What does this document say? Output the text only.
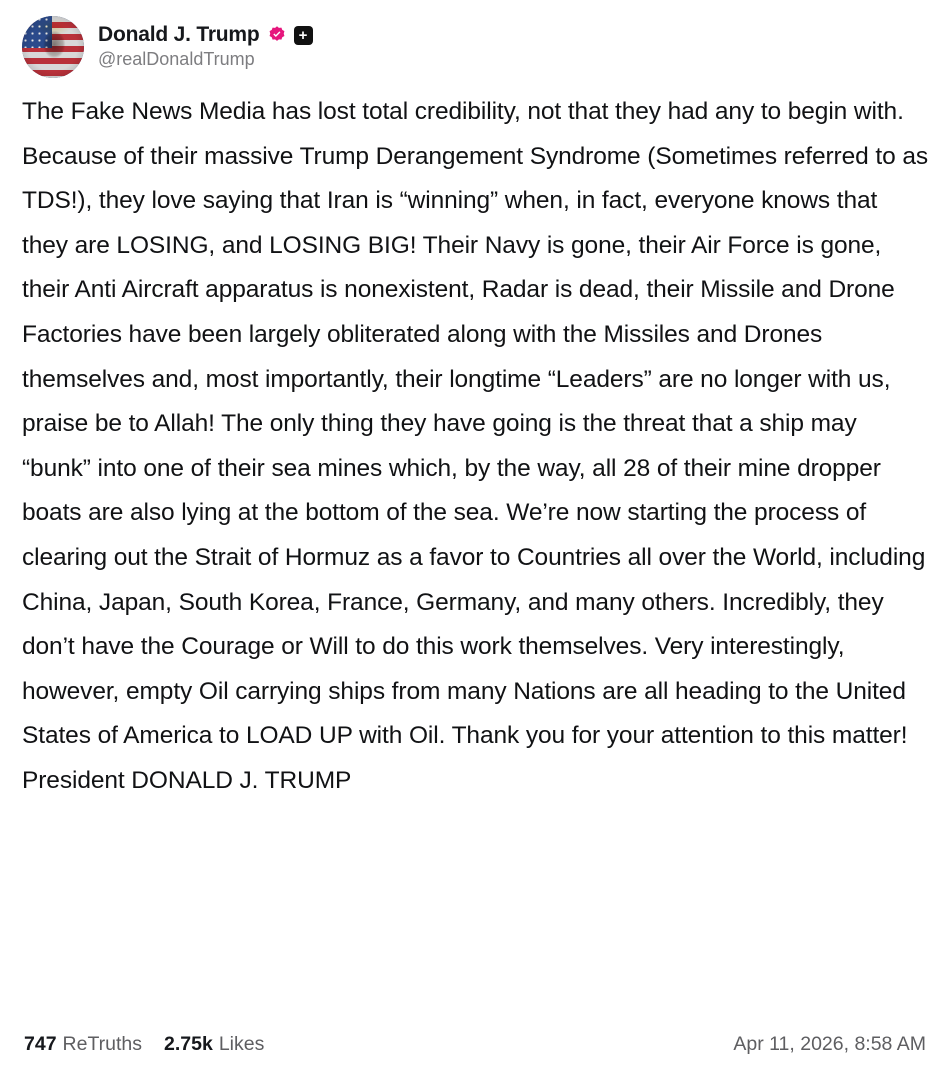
Donald J. Trump	+
@realDonaldTrump
The Fake News Media has lost total credibility, not that they had any to begin with. Because of their massive Trump Derangement Syndrome (Sometimes referred to as TDS!), they love saying that Iran is “winning” when, in fact, everyone knows that they are LOSING, and LOSING BIG! Their Navy is gone, their Air Force is gone, their Anti Aircraft apparatus is nonexistent, Radar is dead, their Missile and Drone Factories have been largely obliterated along with the Missiles and Drones themselves and, most importantly, their longtime “Leaders” are no longer with us, praise be to Allah! The only thing they have going is the threat that a ship may “bunk” into one of their sea mines which, by the way, all 28 of their mine dropper boats are also lying at the bottom of the sea. We’re now starting the process of clearing out the Strait of Hormuz as a favor to Countries all over the World, including China, Japan, South Korea, France, Germany, and many others. Incredibly, they don’t have the Courage or Will to do this work themselves. Very interestingly, however, empty Oil carrying ships from many Nations are all heading to the United States of America to LOAD UP with Oil. Thank you for your attention to this matter! President DONALD J. TRUMP
747 ReTruths 2.75k Likes	Apr 11, 2026, 8:58 AM
